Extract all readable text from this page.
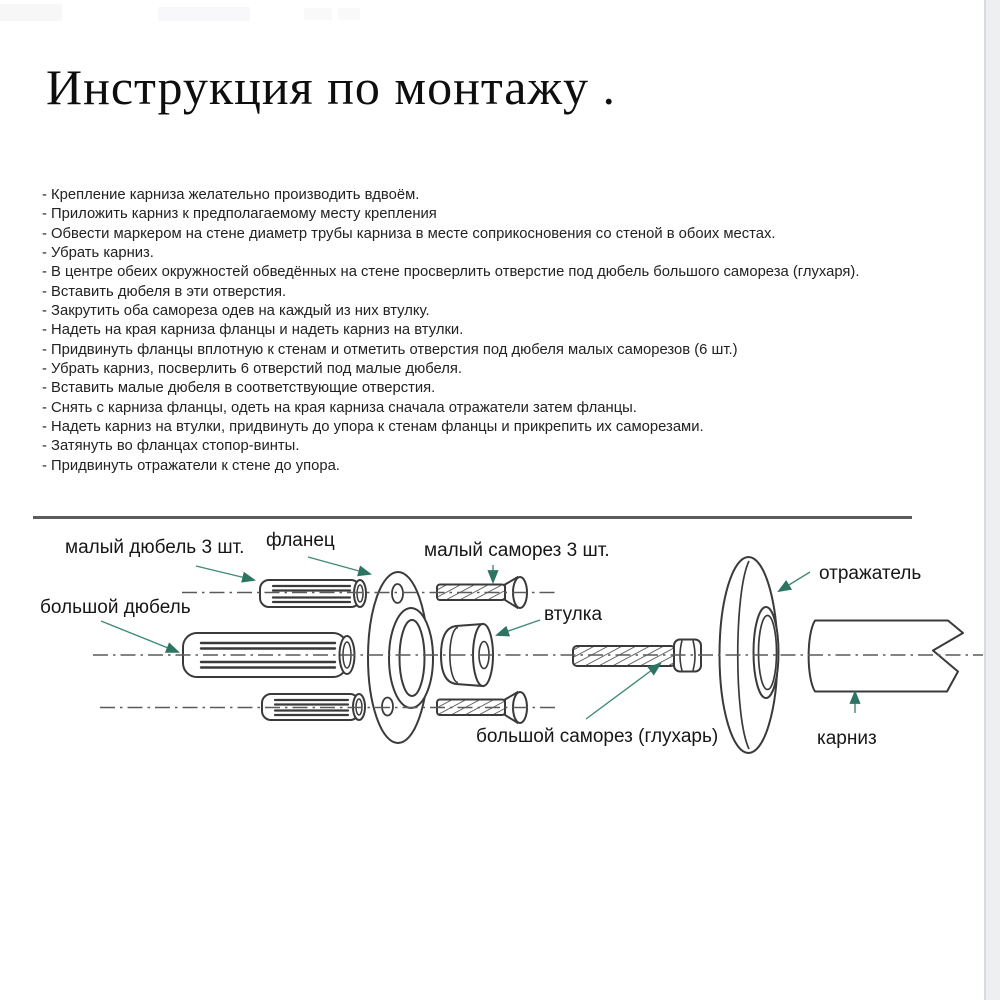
Инструкция по монтажу .
- Крепление карниза желательно производить вдвоём.
- Приложить карниз к предполагаемому месту крепления
- Обвести маркером на стене диаметр трубы карниза в месте соприкосновения со стеной в обоих местах.
- Убрать карниз.
- В центре обеих окружностей обведённых на стене просверлить отверстие под дюбель большого самореза (глухаря).
- Вставить дюбеля в эти отверстия.
- Закрутить оба самореза одев на каждый из них втулку.
- Надеть на края карниза фланцы и надеть карниз на втулки.
- Придвинуть фланцы вплотную к стенам и отметить отверстия под дюбеля малых саморезов (6 шт.)
- Убрать карниз, посверлить 6 отверстий под малые дюбеля.
- Вставить малые дюбеля в соответствующие отверстия.
- Снять с карниза фланцы, одеть на края карниза сначала отражатели затем фланцы.
- Надеть карниз на втулки, придвинуть до упора к стенам фланцы и прикрепить их саморезами.
- Затянуть во фланцах стопор-винты.
- Придвинуть отражатели к стене до упора.
малый дюбель 3 шт. фланец	малый саморез 3 шт.
большой дюбель	втулка
отражатель
большой саморез (глухарь)	карниз
